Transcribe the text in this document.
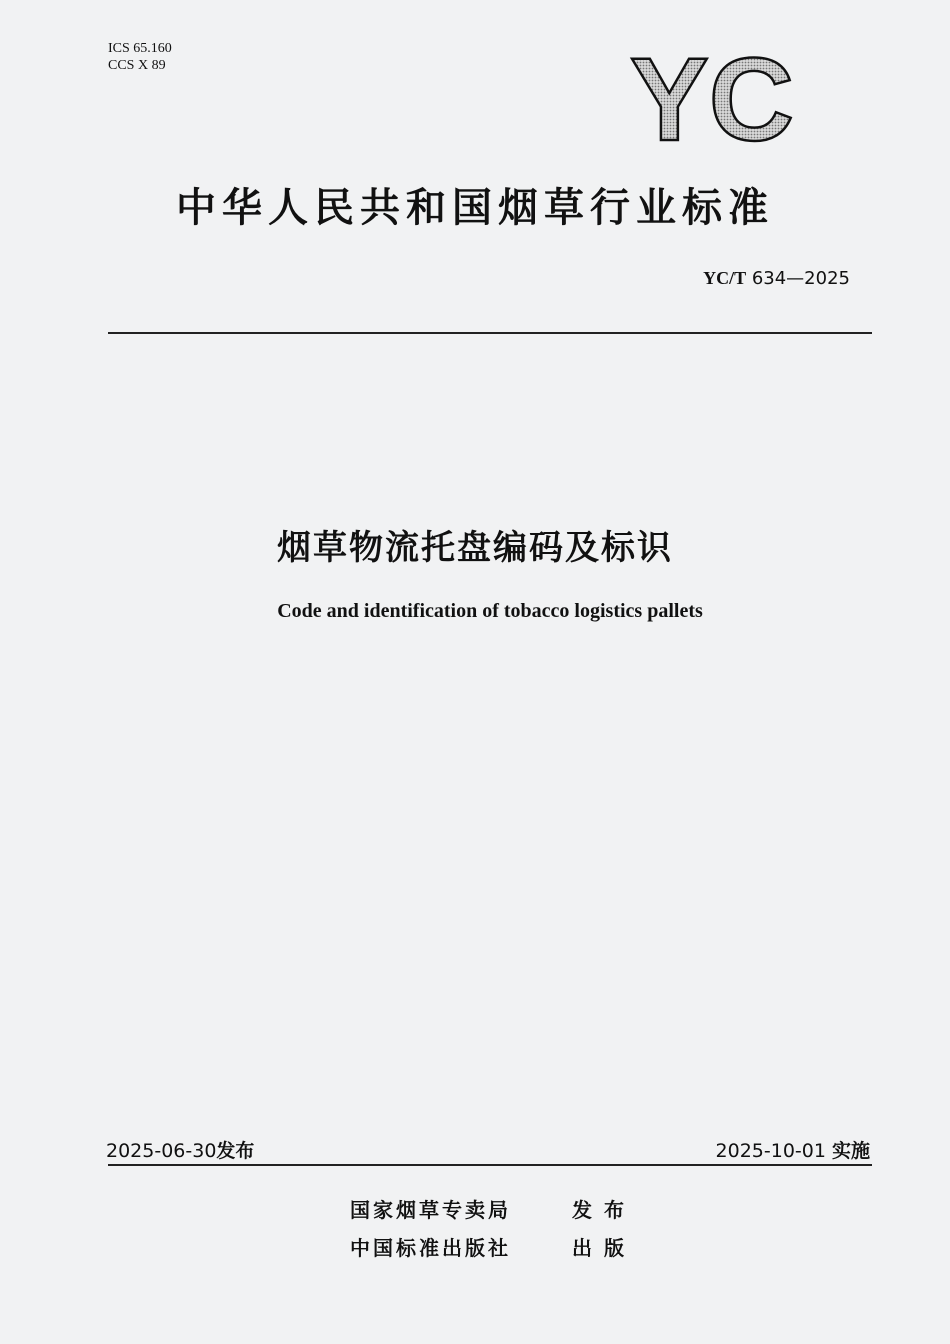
ICS 65.160
CCS X 89	YC
中华人民共和国烟草行业标准
YC/T 634—2025
烟草物流托盘编码及标识
Code and identification of tobacco logistics pallets
2025-06-30发布	2025-10-01 实施
国家烟草专卖局	发布
中国标准出版社	出版
